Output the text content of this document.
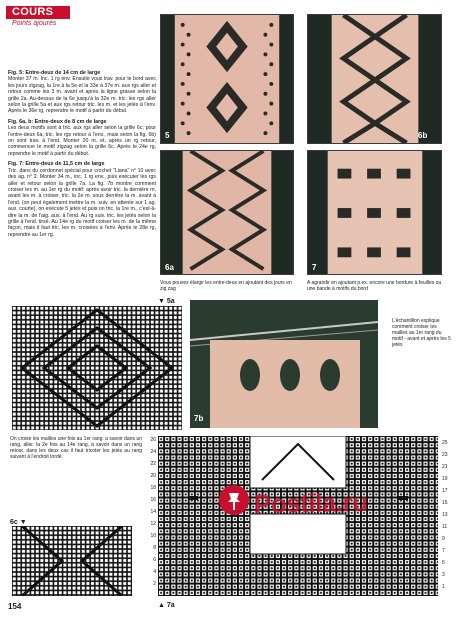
COURS
Points ajourés
Fig. 5: Entre-deux de 14 cm de large
Monter 37 m. Inc. 1 rg env. Ensuite vous trav. pour le bord avec les jours zigzag, la 1re à la 5e et la 33e à 37e m. aux rgs aller et retour comme les 3 m. avant et après la ligne grasse selon la grille 2a. Au-dessus de la 6e jusqu'à la 32e m. tric. les rgs aller selon la grille 5a et aux rgs retour tric. les m. et les jetés à l'env. Après le 36e rg, reprendre le motif à partir du début.
Fig. 6a, b: Entre-deux de 8 cm de large
Les deux motifs sont à tric. aux rgs aller selon la grille 6c; pour l'entre-deux 6a, tric. les rgs retour à l'env., mais selon la fig. 6b) on sont trav. à l'end. Monter 20 m. et, après un rg retour, commencer le motif zigzag selon la grille 6c. Après le 24e rg, reprendre le motif à partir du début.
Fig. 7: Entre-deux de 11,5 cm de large
Tric. dans du cordonnet spécial pour crochet "Liana" n° 10 avec des ag. n° 2. Monter 34 m., inc. 1 rg env., puis exécuter les rgs aller et retour selon la grille 7a. La fig. 7b montre comment croiser les m. au 1er rg du motif: après avoir tric. la dernière m. avant les m. à croiser, tric. la 2e m. sous derrière la m. avant à l'end. (on peut également mettre la m. suiv. en attente sur 1 ag. aux. courte), on exécute 5 jetés et puis on tric. la 1re m., c'est-à-dire la m. de l'aig. aux. à l'end. Au rg suiv. tric. les jetés selon la grille à l'end. tirsé. Au 14e rg du motif croiser les m. de la même façon, mais il faut tric. les m. croisées à l'env. Après le 28e rg, reprendre au 1er rg.
5	6b
6a	7
Vous pouvez élargir les entre-deux en ajoutant des jours en zig zag
A agrandir en ajoutant p.ex. encore une bordure à feuilles ou une bande à motifs du bord
▼ 5a
7b
L'échantillon explique comment croiser les mailles au 1er rang du motif - avant et après les 5 jetés
On croise les mailles une fois au 1er rang: a savoir dans un rang, aller. la 2e fois au 14e rang, à savoir dans un rang retour. dans les deux cas il faut tricoter les jetés au rang suivant à l'endroit tordé.
6c ▼
26
24
22
20
18
16
14
12
10
8
6
4
2
25
23
21
19
17
15
13
11
9
7
5
3
1
▲ 7a
Postila.ru
154
